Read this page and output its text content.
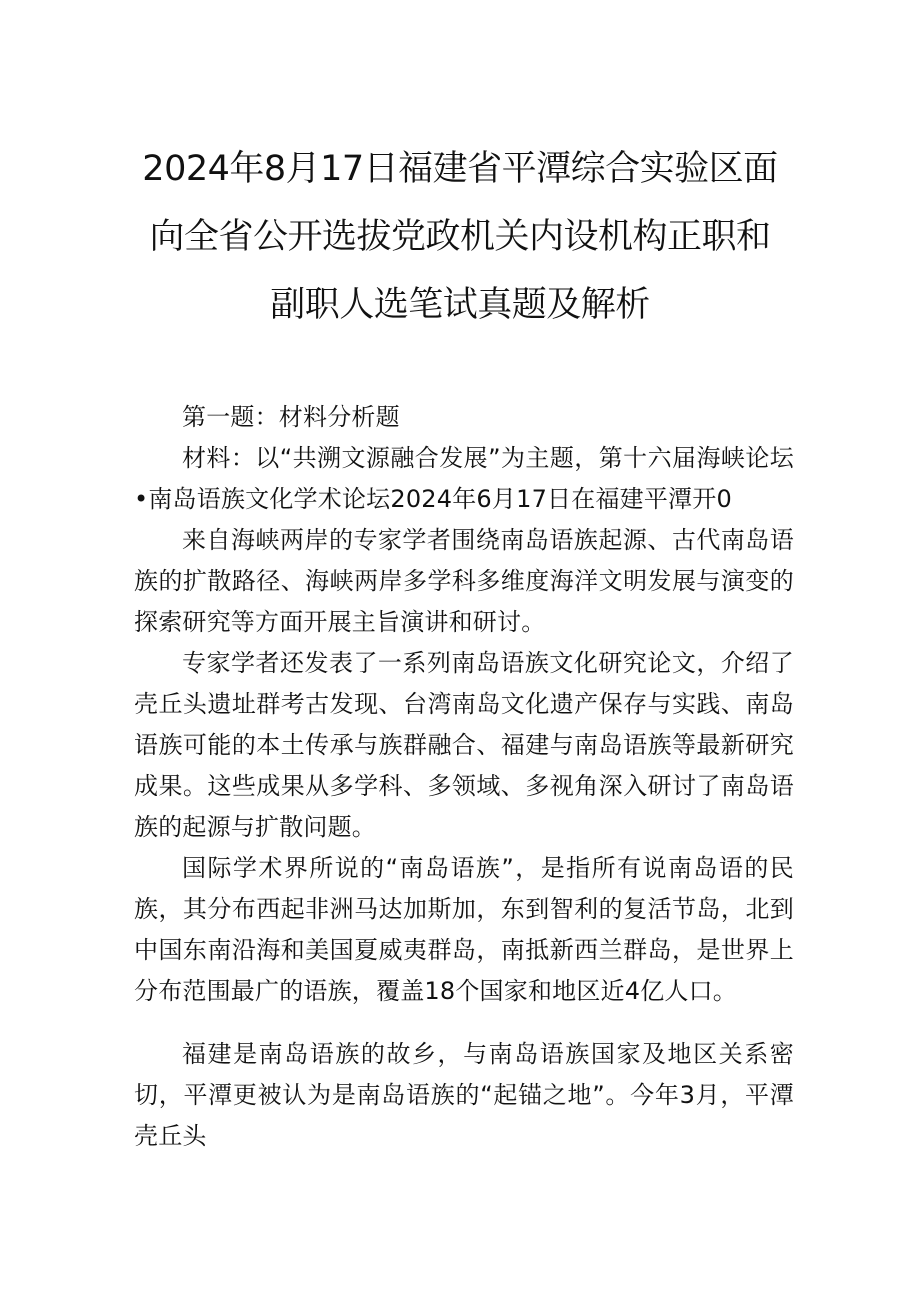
2024年8月17日福建省平潭综合实验区面
向全省公开选拔党政机关内设机构正职和
副职人选笔试真题及解析

第一题：材料分析题

材料：以“共溯文源融合发展”为主题，第十六届海峡论坛•南岛语族文化学术论坛2024年6月17日在福建平潭开0

来自海峡两岸的专家学者围绕南岛语族起源、古代南岛语族的扩散路径、海峡两岸多学科多维度海洋文明发展与演变的探索研究等方面开展主旨演讲和研讨。

专家学者还发表了一系列南岛语族文化研究论文，介绍了壳丘头遗址群考古发现、台湾南岛文化遗产保存与实践、南岛语族可能的本土传承与族群融合、福建与南岛语族等最新研究成果。这些成果从多学科、多领域、多视角深入研讨了南岛语族的起源与扩散问题。

国际学术界所说的“南岛语族”，是指所有说南岛语的民族，其分布西起非洲马达加斯加，东到智利的复活节岛，北到中国东南沿海和美国夏威夷群岛，南抵新西兰群岛，是世界上分布范围最广的语族，覆盖18个国家和地区近4亿人口。

福建是南岛语族的故乡，与南岛语族国家及地区关系密切，平潭更被认为是南岛语族的“起锚之地”。今年3月，平潭壳丘头
